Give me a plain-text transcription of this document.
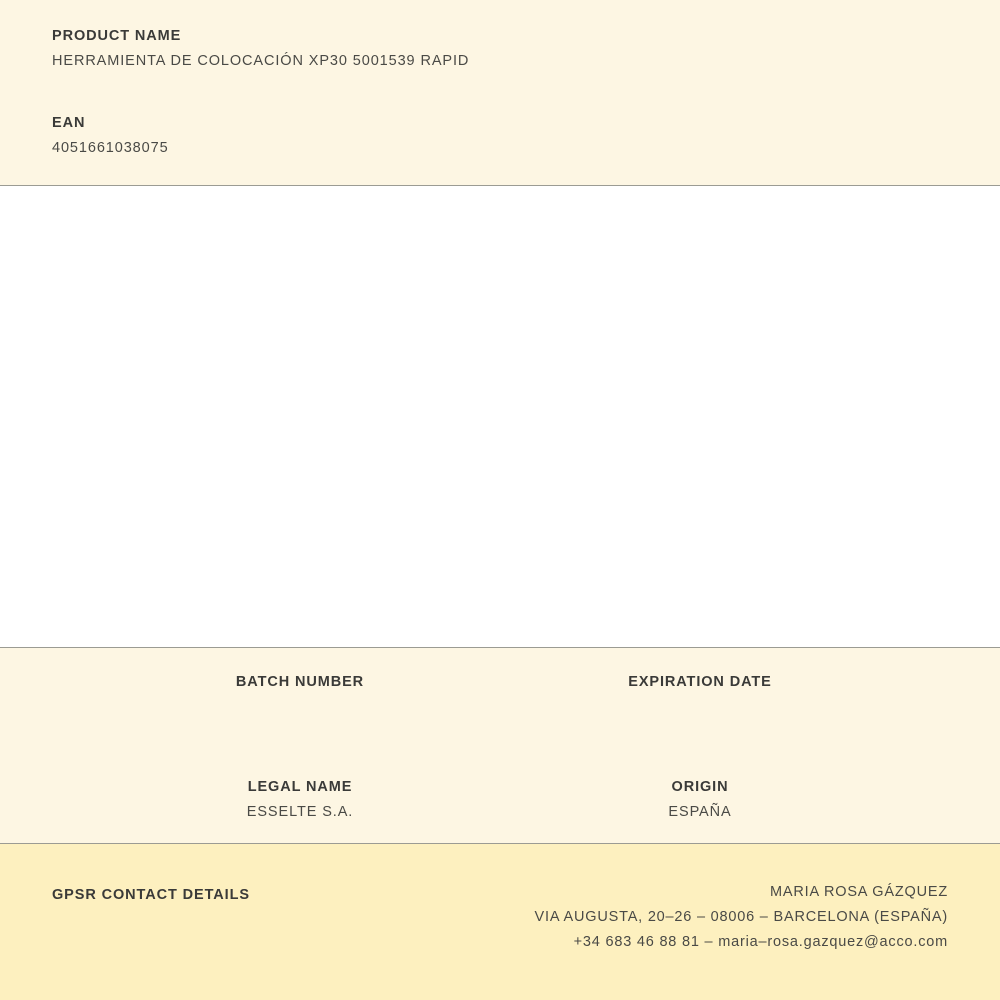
PRODUCT NAME

HERRAMIENTA DE COLOCACIÓN XP30 5001539 RAPID

EAN

4051661038075

BATCH NUMBER	EXPIRATION DATE

LEGAL NAME

ESSELTE S.A.

ORIGIN

ESPAÑA

GPSR CONTACT DETAILS	MARIA ROSA GÁZQUEZ

VIA AUGUSTA, 20–26 – 08006 – BARCELONA (ESPAÑA)

+34 683 46 88 81 – maria–rosa.gazquez@acco.com
